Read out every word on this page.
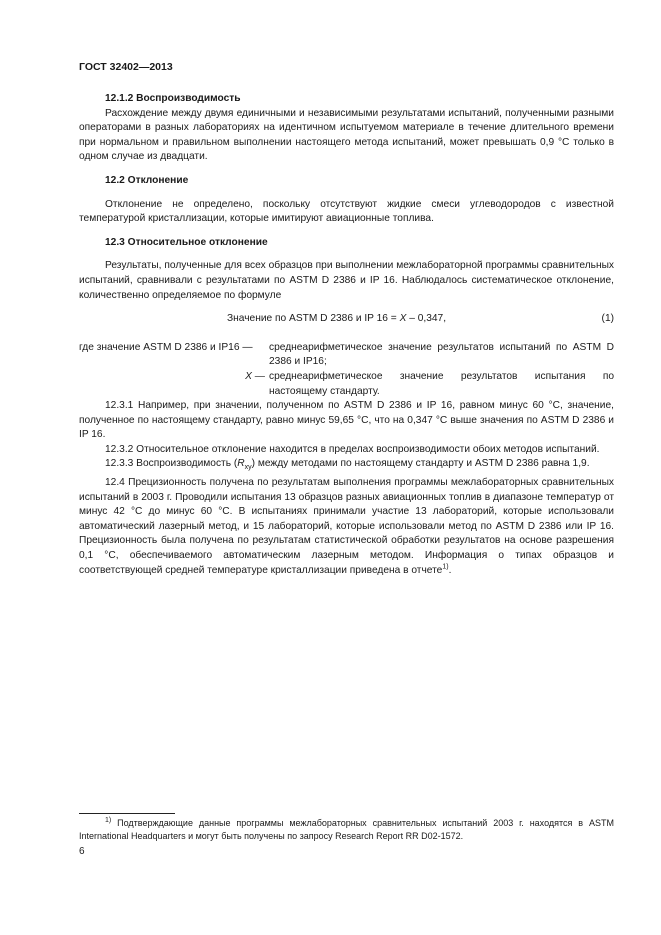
ГОСТ 32402—2013
12.1.2 Воспроизводимость

Расхождение между двумя единичными и независимыми результатами испытаний, полученными разными операторами в разных лабораториях на идентичном испытуемом материале в течение длительного времени при нормальном и правильном выполнении настоящего метода испытаний, может превышать 0,9 °С только в одном случае из двадцати.

12.2 Отклонение

Отклонение не определено, поскольку отсутствуют жидкие смеси углеводородов с известной температурой кристаллизации, которые имитируют авиационные топлива.

12.3 Относительное отклонение

Результаты, полученные для всех образцов при выполнении межлабораторной программы сравнительных испытаний, сравнивали с результатами по ASTM D 2386 и IP 16. Наблюдалось систематическое отклонение, количественно определяемое по формуле

Значение по ASTM D 2386 и IP 16 = X – 0,347,	(1)
где значение ASTM D 2386 и IP16 —	среднеарифметическое значение результатов испытаний по ASTM D 2386 и IP16;
X — среднеарифметическое значение результатов испытания по настоящему стандарту.

12.3.1 Например, при значении, полученном по ASTM D 2386 и IP 16, равном минус 60 °С, значение, полученное по настоящему стандарту, равно минус 59,65 °С, что на 0,347 °С выше значения по ASTM D 2386 и IP 16.

12.3.2 Относительное отклонение находится в пределах воспроизводимости обоих методов испытаний.

12.3.3 Воспроизводимость $(R_{xy})$ между методами по настоящему стандарту и ASTM D 2386 равна 1,9.

12.4 Прецизионность получена по результатам выполнения программы межлабораторных сравнительных испытаний в 2003 г. Проводили испытания 13 образцов разных авиационных топлив в диапазоне температур от минус 42 °С до минус 60 °С. В испытаниях принимали участие 13 лабораторий, которые использовали автоматический лазерный метод, и 15 лабораторий, которые использовали метод по ASTM D 2386 или IP 16. Прецизионность была получена по результатам статистической обработки результатов на основе разрешения 0,1 °С, обеспечиваемого автоматическим лазерным методом. Информация о типах образцов и соответствующей средней температуре кристаллизации приведена в отчете$^{1)}$.

$^{1)}$ Подтверждающие данные программы межлабораторных сравнительных испытаний 2003 г. находятся в ASTM International Headquarters и могут быть получены по запросу Research Report RR D02-1572.
6
